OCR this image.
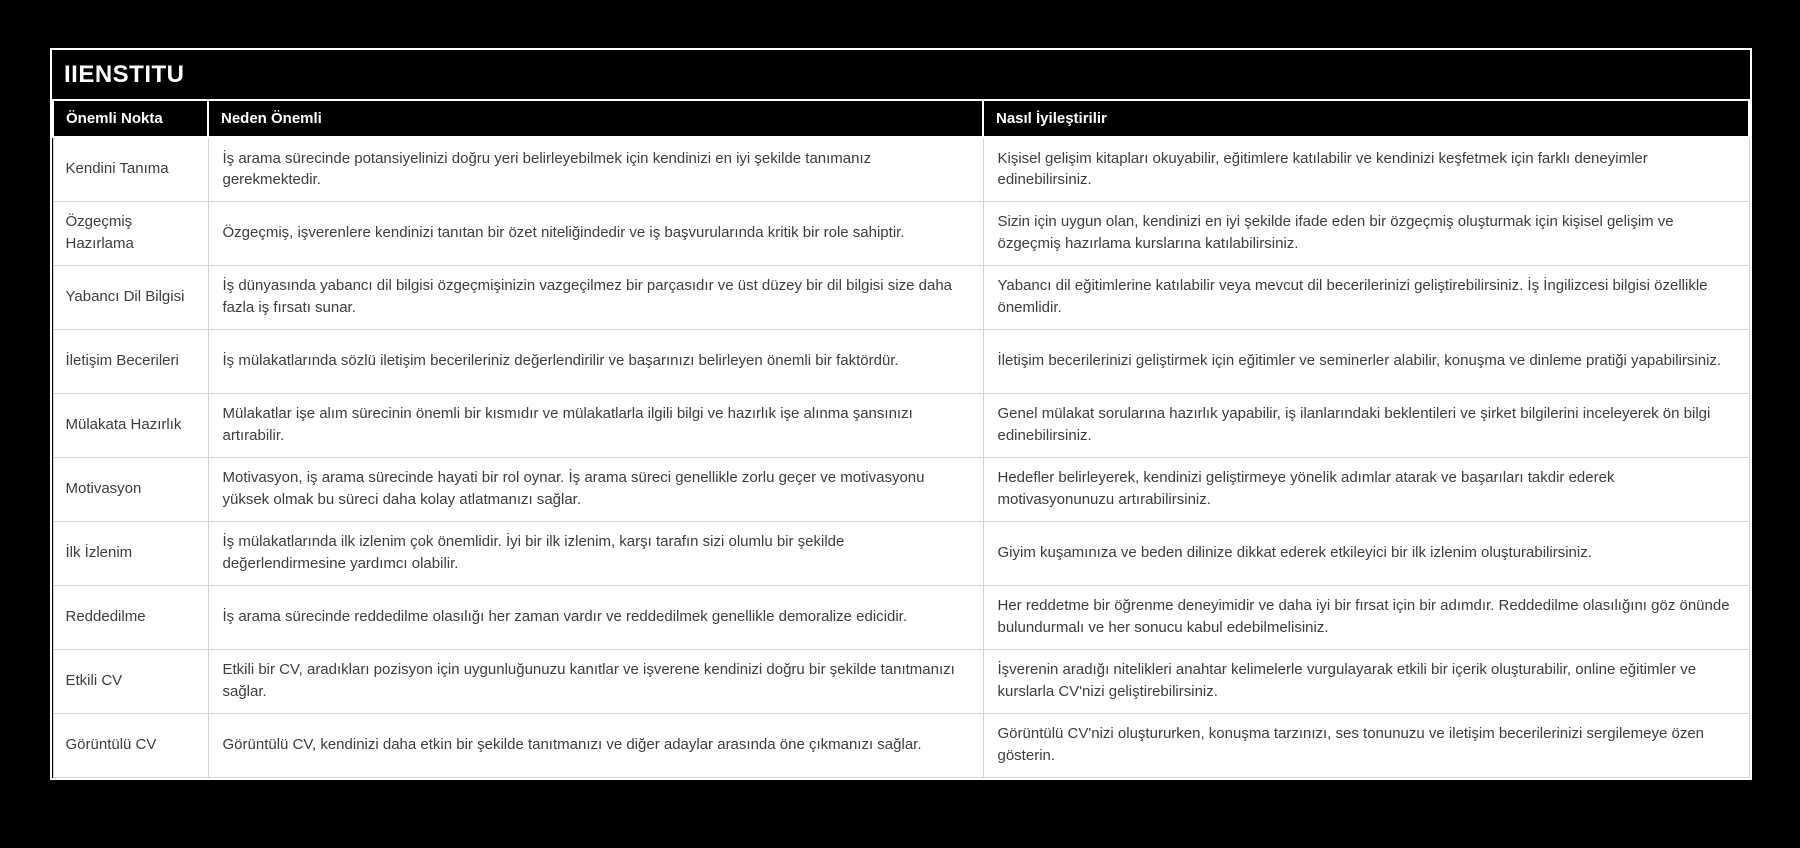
IIENSTITU
Önemli Nokta	Neden Önemli	Nasıl İyileştirilir
Kendini Tanıma	İş arama sürecinde potansiyelinizi doğru yeri belirleyebilmek için kendinizi en iyi şekilde tanımanız gerekmektedir.	Kişisel gelişim kitapları okuyabilir, eğitimlere katılabilir ve kendinizi keşfetmek için farklı deneyimler edinebilirsiniz.
Özgeçmiş Hazırlama	Özgeçmiş, işverenlere kendinizi tanıtan bir özet niteliğindedir ve iş başvurularında kritik bir role sahiptir.	Sizin için uygun olan, kendinizi en iyi şekilde ifade eden bir özgeçmiş oluşturmak için kişisel gelişim ve özgeçmiş hazırlama kurslarına katılabilirsiniz.
Yabancı Dil Bilgisi	İş dünyasında yabancı dil bilgisi özgeçmişinizin vazgeçilmez bir parçasıdır ve üst düzey bir dil bilgisi size daha fazla iş fırsatı sunar.	Yabancı dil eğitimlerine katılabilir veya mevcut dil becerilerinizi geliştirebilirsiniz. İş İngilizcesi bilgisi özellikle önemlidir.
İletişim Becerileri	İş mülakatlarında sözlü iletişim becerileriniz değerlendirilir ve başarınızı belirleyen önemli bir faktördür.	İletişim becerilerinizi geliştirmek için eğitimler ve seminerler alabilir, konuşma ve dinleme pratiği yapabilirsiniz.
Mülakata Hazırlık	Mülakatlar işe alım sürecinin önemli bir kısmıdır ve mülakatlarla ilgili bilgi ve hazırlık işe alınma şansınızı artırabilir.	Genel mülakat sorularına hazırlık yapabilir, iş ilanlarındaki beklentileri ve şirket bilgilerini inceleyerek ön bilgi edinebilirsiniz.
Motivasyon	Motivasyon, iş arama sürecinde hayati bir rol oynar. İş arama süreci genellikle zorlu geçer ve motivasyonu yüksek olmak bu süreci daha kolay atlatmanızı sağlar.	Hedefler belirleyerek, kendinizi geliştirmeye yönelik adımlar atarak ve başarıları takdir ederek motivasyonunuzu artırabilirsiniz.
İlk İzlenim	İş mülakatlarında ilk izlenim çok önemlidir. İyi bir ilk izlenim, karşı tarafın sizi olumlu bir şekilde değerlendirmesine yardımcı olabilir.	Giyim kuşamınıza ve beden dilinize dikkat ederek etkileyici bir ilk izlenim oluşturabilirsiniz.
Reddedilme	İş arama sürecinde reddedilme olasılığı her zaman vardır ve reddedilmek genellikle demoralize edicidir.	Her reddetme bir öğrenme deneyimidir ve daha iyi bir fırsat için bir adımdır. Reddedilme olasılığını göz önünde bulundurmalı ve her sonucu kabul edebilmelisiniz.
Etkili CV	Etkili bir CV, aradıkları pozisyon için uygunluğunuzu kanıtlar ve işverene kendinizi doğru bir şekilde tanıtmanızı sağlar.	İşverenin aradığı nitelikleri anahtar kelimelerle vurgulayarak etkili bir içerik oluşturabilir, online eğitimler ve kurslarla CV'nizi geliştirebilirsiniz.
Görüntülü CV	Görüntülü CV, kendinizi daha etkin bir şekilde tanıtmanızı ve diğer adaylar arasında öne çıkmanızı sağlar.	Görüntülü CV'nizi oluştururken, konuşma tarzınızı, ses tonunuzu ve iletişim becerilerinizi sergilemeye özen gösterin.
